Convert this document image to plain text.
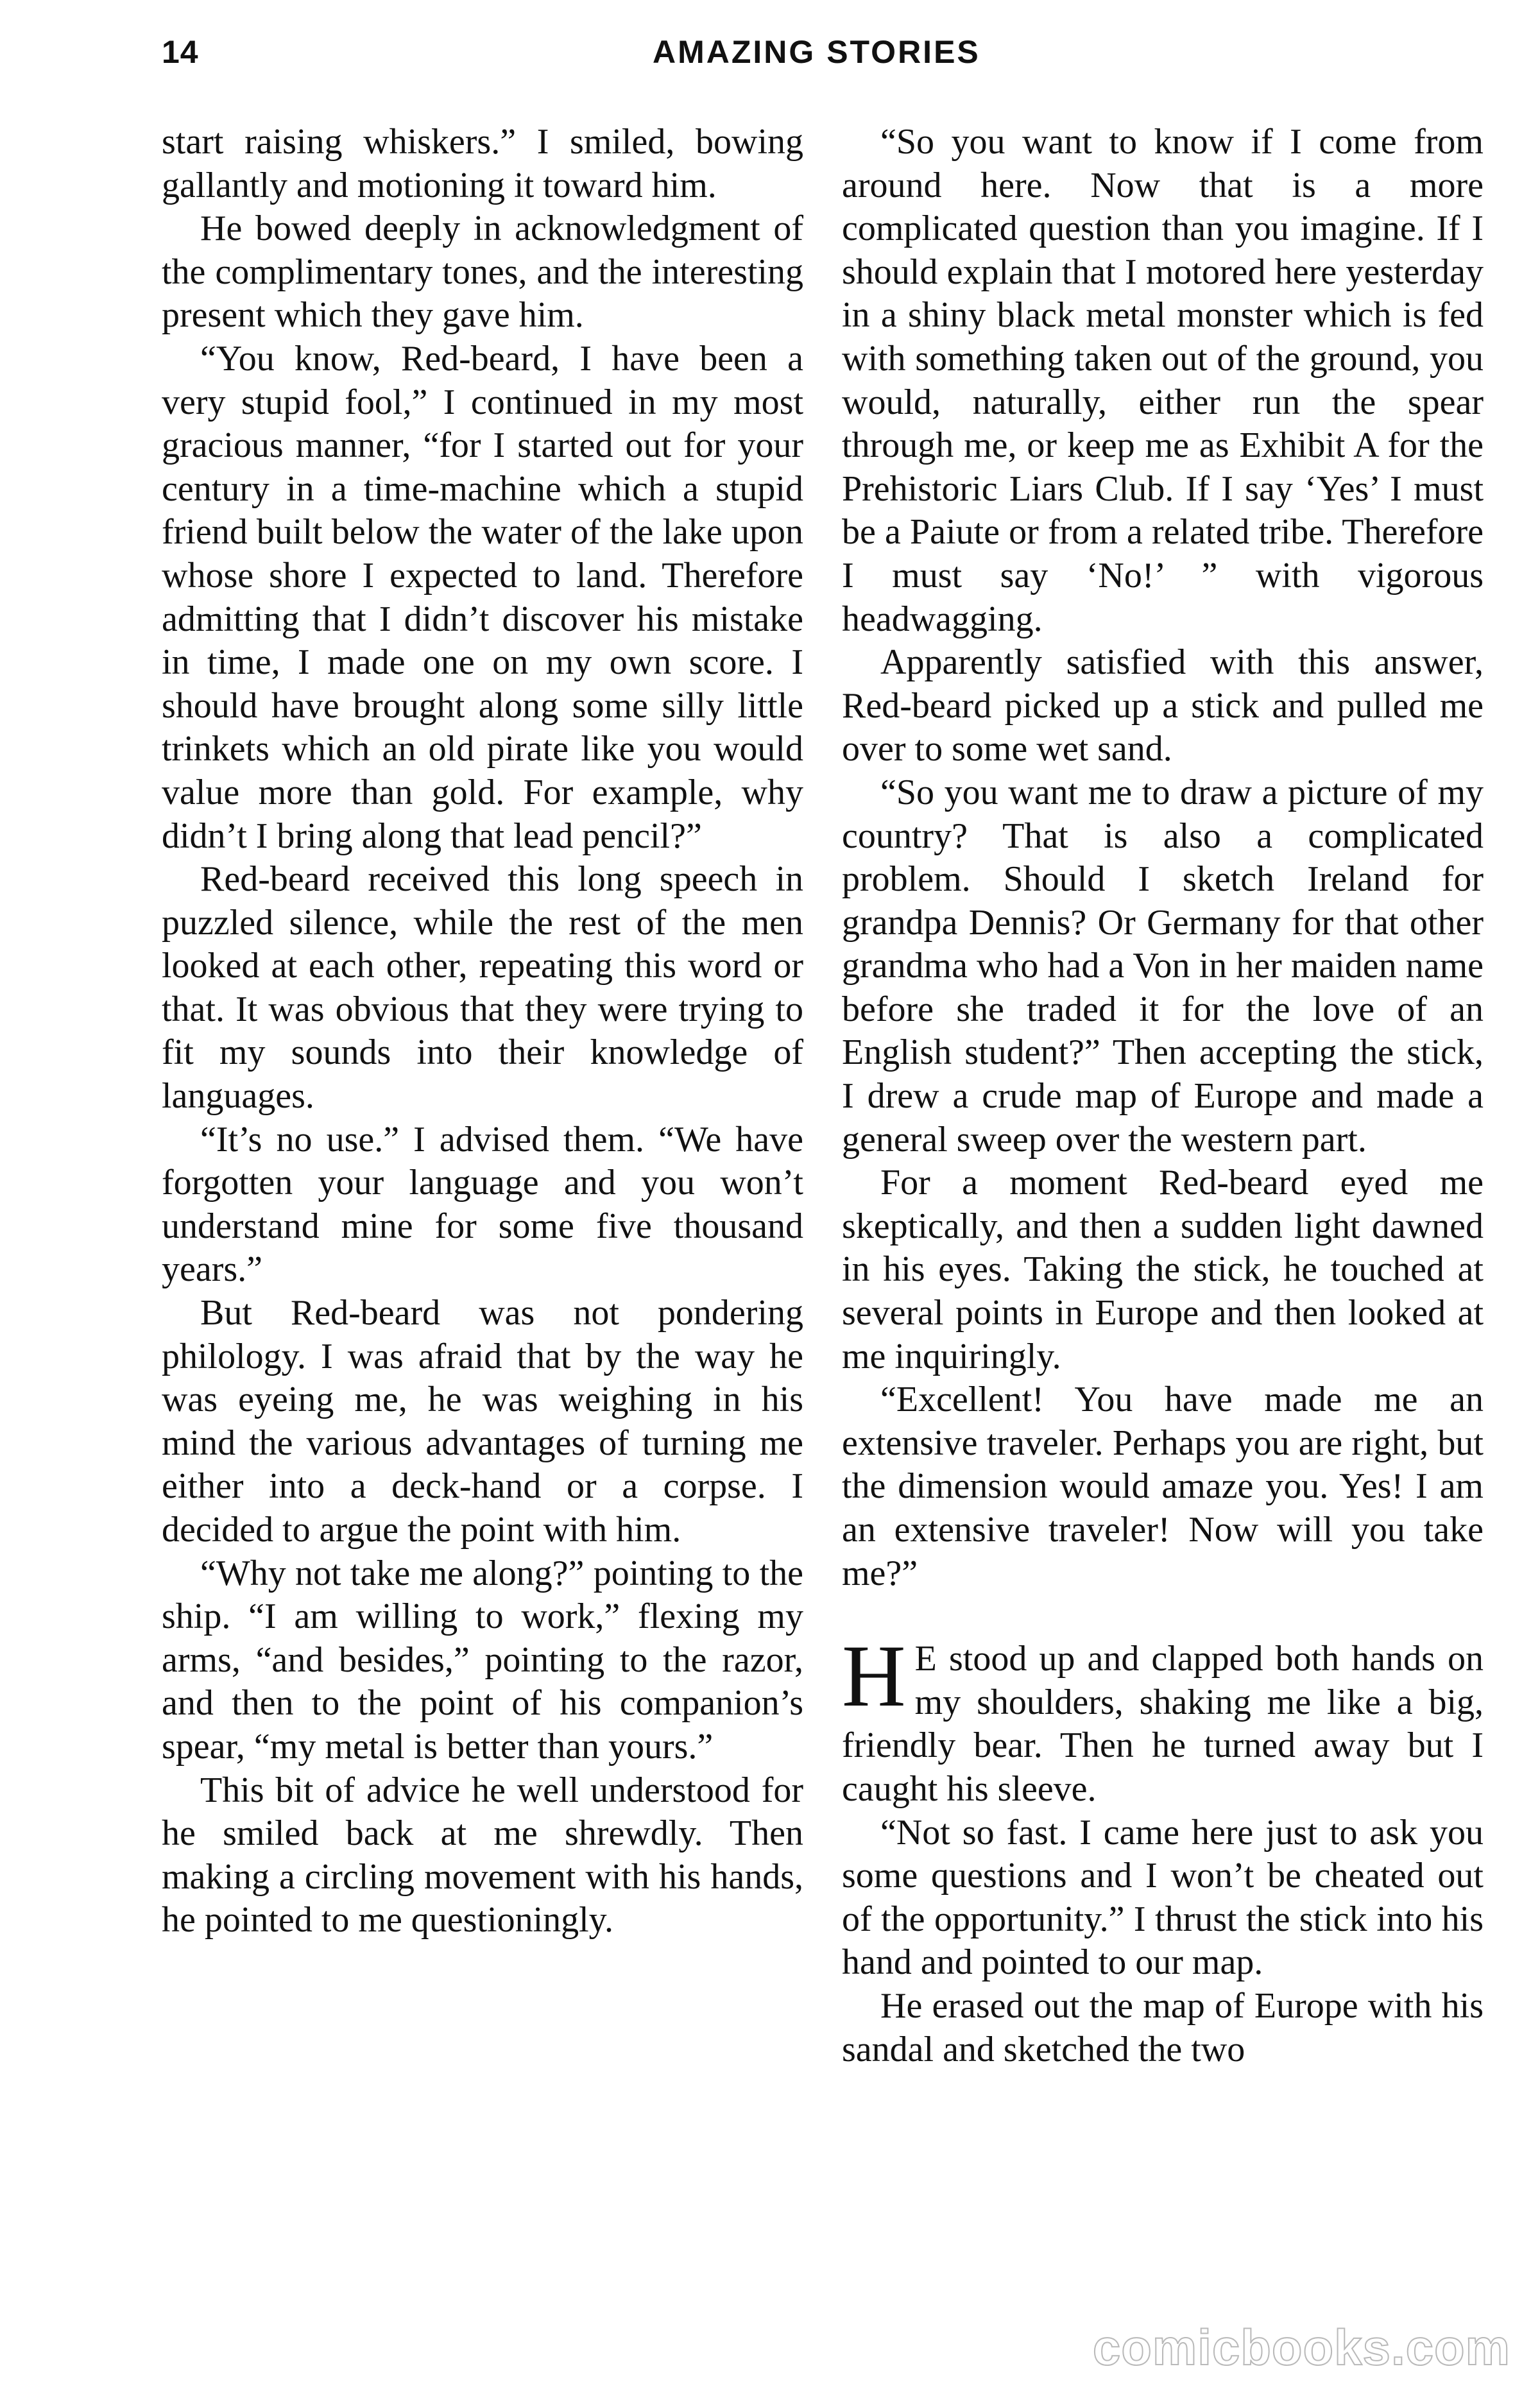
14	AMAZING STORIES

start raising whiskers.” I smiled, bowing gallantly and motioning it toward him.

He bowed deeply in acknowledgment of the complimentary tones, and the interesting present which they gave him.

“You know, Red-beard, I have been a very stupid fool,” I continued in my most gracious manner, “for I started out for your century in a time-machine which a stupid friend built below the water of the lake upon whose shore I expected to land. Therefore admitting that I didn’t discover his mistake in time, I made one on my own score. I should have brought along some silly little trinkets which an old pirate like you would value more than gold. For example, why didn’t I bring along that lead pencil?”

Red-beard received this long speech in puzzled silence, while the rest of the men looked at each other, repeating this word or that. It was obvious that they were trying to fit my sounds into their knowledge of languages.

“It’s no use.” I advised them. “We have forgotten your language and you won’t understand mine for some five thousand years.”

But Red-beard was not pondering philology. I was afraid that by the way he was eyeing me, he was weighing in his mind the various advantages of turning me either into a deck-hand or a corpse. I decided to argue the point with him.

“Why not take me along?” pointing to the ship. “I am willing to work,” flexing my arms, “and besides,” pointing to the razor, and then to the point of his companion’s spear, “my metal is better than yours.”

This bit of advice he well understood for he smiled back at me shrewdly. Then making a circling movement with his hands, he pointed to me questioningly.

“So you want to know if I come from around here. Now that is a more complicated question than you imagine. If I should explain that I motored here yesterday in a shiny black metal monster which is fed with something taken out of the ground, you would, naturally, either run the spear through me, or keep me as Exhibit A for the Prehistoric Liars Club. If I say ‘Yes’ I must be a Paiute or from a related tribe. Therefore I must say ‘No!’ ” with vigorous headwagging.

Apparently satisfied with this answer, Red-beard picked up a stick and pulled me over to some wet sand.

“So you want me to draw a picture of my country? That is also a complicated problem. Should I sketch Ireland for grandpa Dennis? Or Germany for that other grandma who had a Von in her maiden name before she traded it for the love of an English student?” Then accepting the stick, I drew a crude map of Europe and made a general sweep over the western part.

For a moment Red-beard eyed me skeptically, and then a sudden light dawned in his eyes. Taking the stick, he touched at several points in Europe and then looked at me inquiringly.

“Excellent! You have made me an extensive traveler. Perhaps you are right, but the dimension would amaze you. Yes! I am an extensive traveler! Now will you take me?”

H E stood up and clapped both hands on my shoulders, shaking me like a big, friendly bear. Then he turned away but I caught his sleeve.

“Not so fast. I came here just to ask you some questions and I won’t be cheated out of the opportunity.” I thrust the stick into his hand and pointed to our map.

He erased out the map of Europe with his sandal and sketched the two

comicbooks.com
